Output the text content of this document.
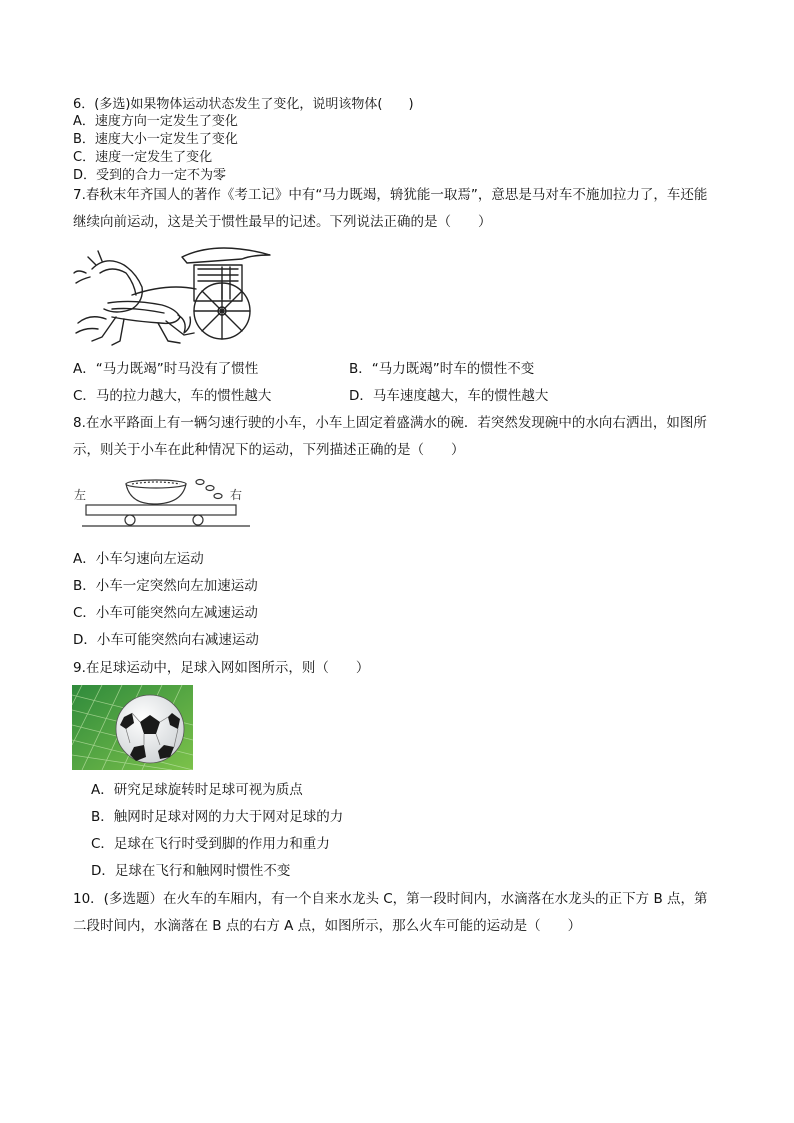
6．(多选)如果物体运动状态发生了变化，说明该物体(　　)
A．速度方向一定发生了变化
B．速度大小一定发生了变化
C．速度一定发生了变化
D．受到的合力一定不为零
7.春秋末年齐国人的著作《考工记》中有“马力既竭，辀犹能一取焉”，意思是马对车不施加拉力了，车还能
继续向前运动，这是关于惯性最早的记述。下列说法正确的是（　　）
A．“马力既竭”时马没有了惯性	B．“马力既竭”时车的惯性不变
C．马的拉力越大，车的惯性越大	D．马车速度越大，车的惯性越大
8.在水平路面上有一辆匀速行驶的小车，小车上固定着盛满水的碗．若突然发现碗中的水向右洒出，如图所
示，则关于小车在此种情况下的运动，下列描述正确的是（　　）
左	右
A．小车匀速向左运动
B．小车一定突然向左加速运动
C．小车可能突然向左减速运动
D．小车可能突然向右减速运动
9.在足球运动中，足球入网如图所示，则（　　）
A．研究足球旋转时足球可视为质点
B．触网时足球对网的力大于网对足球的力
C．足球在飞行时受到脚的作用力和重力
D．足球在飞行和触网时惯性不变
10．(多选题）在火车的车厢内，有一个自来水龙头 C，第一段时间内，水滴落在水龙头的正下方 B 点，第
二段时间内，水滴落在 B 点的右方 A 点，如图所示，那么火车可能的运动是（　　）
